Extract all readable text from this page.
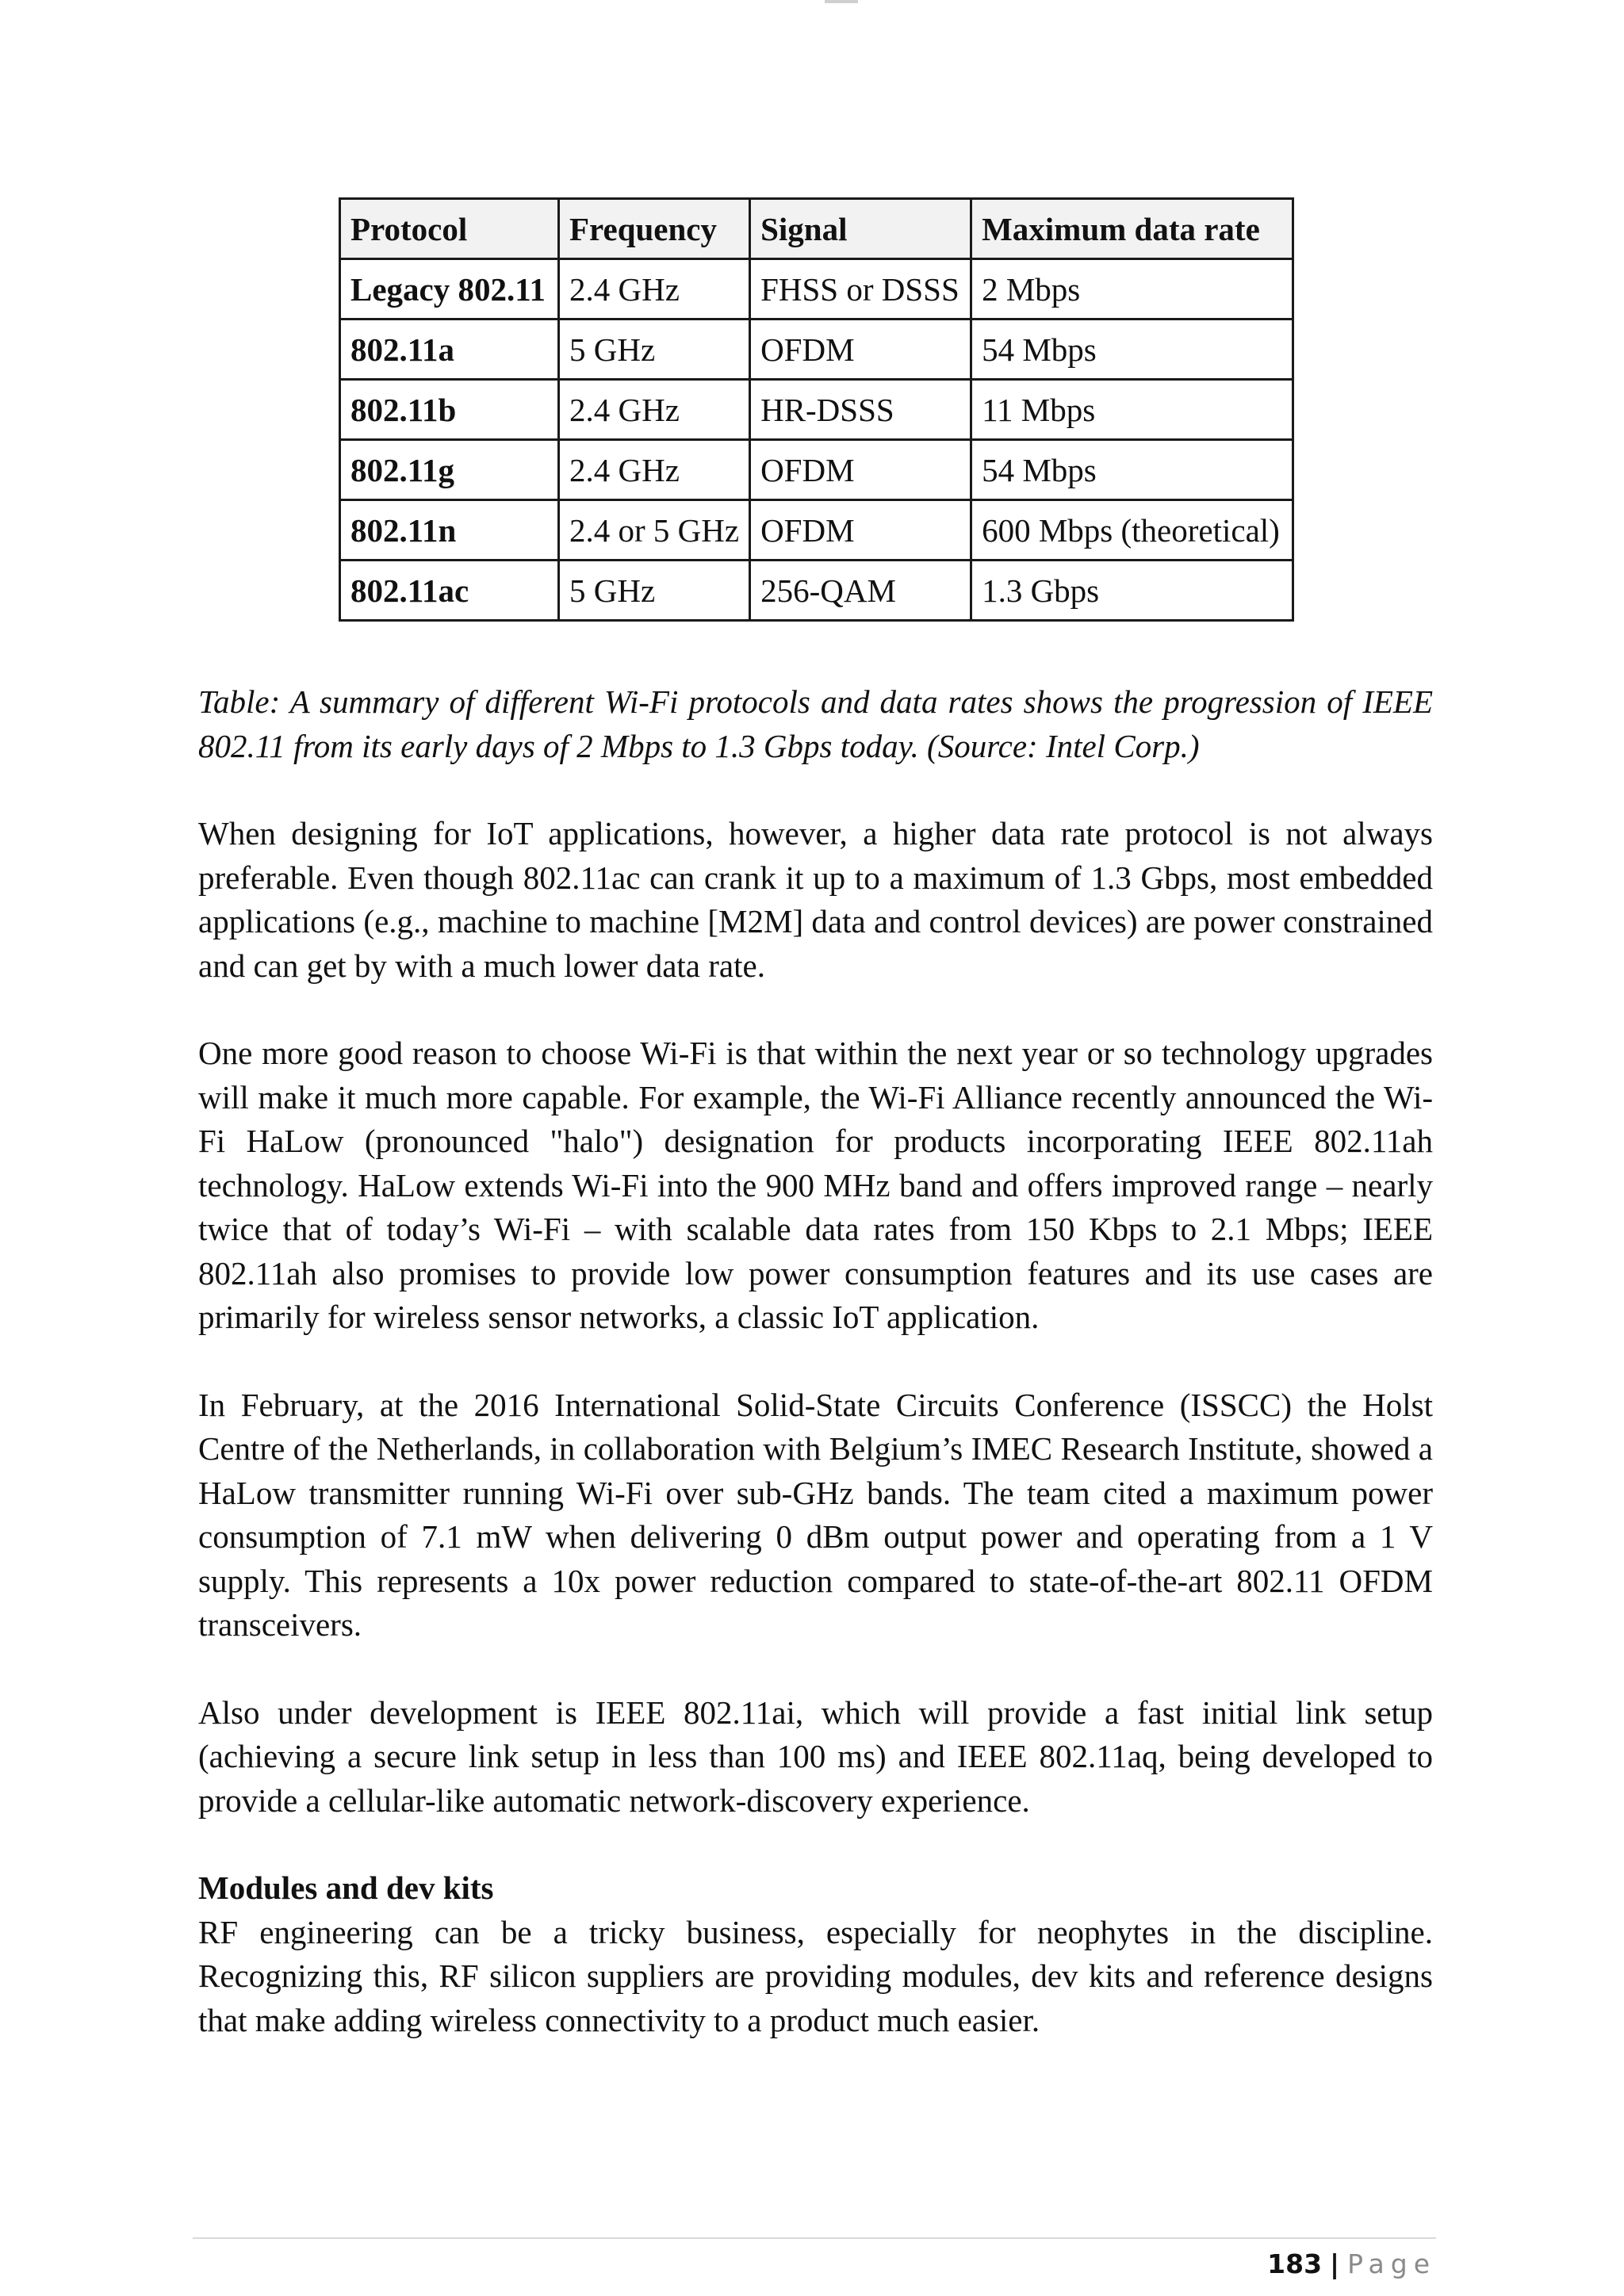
Protocol	Frequency	Signal	Maximum data rate
Legacy 802.11	2.4 GHz	FHSS or DSSS	2 Mbps
802.11a	5 GHz	OFDM	54 Mbps
802.11b	2.4 GHz	HR-DSSS	11 Mbps
802.11g	2.4 GHz	OFDM	54 Mbps
802.11n	2.4 or 5 GHz	OFDM	600 Mbps (theoretical)
802.11ac	5 GHz	256-QAM	1.3 Gbps

Table: A summary of different Wi-Fi protocols and data rates shows the progression of IEEE 802.11 from its early days of 2 Mbps to 1.3 Gbps today. (Source: Intel Corp.)

When designing for IoT applications, however, a higher data rate protocol is not always preferable. Even though 802.11ac can crank it up to a maximum of 1.3 Gbps, most embedded applications (e.g., machine to machine [M2M] data and control devices) are power constrained and can get by with a much lower data rate.

One more good reason to choose Wi-Fi is that within the next year or so technology upgrades will make it much more capable. For example, the Wi-Fi Alliance recently announced the Wi-Fi HaLow (pronounced "halo") designation for products incorporating IEEE 802.11ah technology. HaLow extends Wi-Fi into the 900 MHz band and offers improved range – nearly twice that of today’s Wi-Fi – with scalable data rates from 150 Kbps to 2.1 Mbps; IEEE 802.11ah also promises to provide low power consumption features and its use cases are primarily for wireless sensor networks, a classic IoT application.

In February, at the 2016 International Solid-State Circuits Conference (ISSCC) the Holst Centre of the Netherlands, in collaboration with Belgium’s IMEC Research Institute, showed a HaLow transmitter running Wi-Fi over sub-GHz bands. The team cited a maximum power consumption of 7.1 mW when delivering 0 dBm output power and operating from a 1 V supply. This represents a 10x power reduction compared to state-of-the-art 802.11 OFDM transceivers.

Also under development is IEEE 802.11ai, which will provide a fast initial link setup (achieving a secure link setup in less than 100 ms) and IEEE 802.11aq, being developed to provide a cellular-like automatic network-discovery experience.

Modules and dev kits

RF engineering can be a tricky business, especially for neophytes in the discipline. Recognizing this, RF silicon suppliers are providing modules, dev kits and reference designs that make adding wireless connectivity to a product much easier.

183 | Page
